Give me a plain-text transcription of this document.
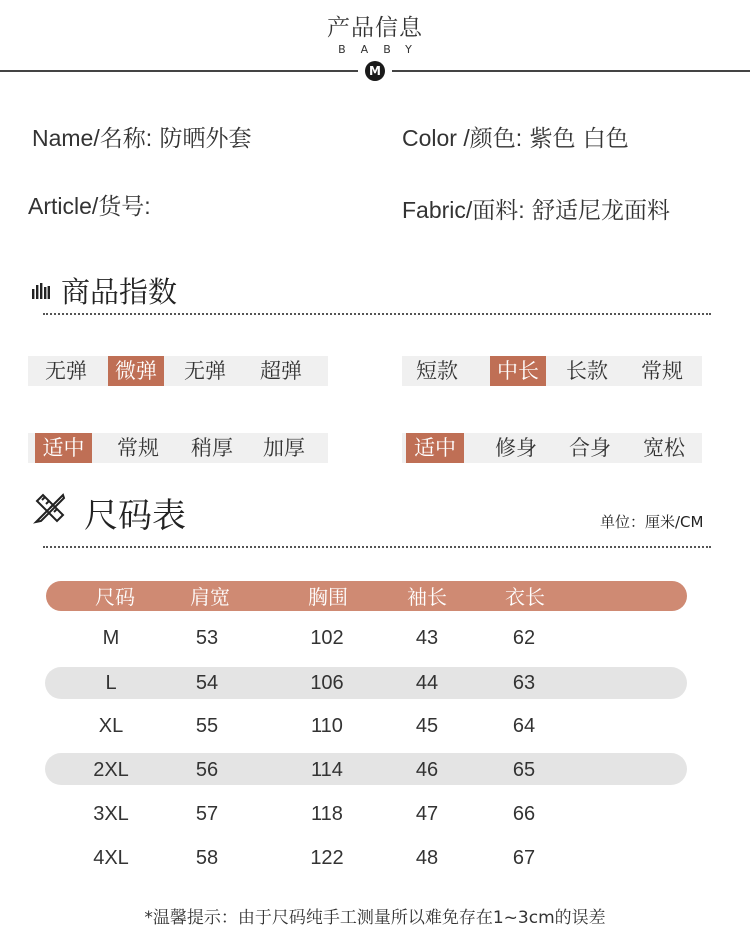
产品信息
BABY
M
Name/名称: 防晒外套	Color /颜色: 紫色 白色
Article/货号:	Fabric/面料: 舒适尼龙面料
商品指数
无弹	微弹	无弹	超弹	短款	中长	长款	常规
适中	常规	稍厚	加厚	适中	修身	合身	宽松
尺码表	单位：厘米/CM
尺码	肩宽	胸围	袖长	衣长
M	53	102	43	62
L	54	106	44	63
XL	55	110	45	64
2XL	56	114	46	65
3XL	57	118	47	66
4XL	58	122	48	67
*温馨提示：由于尺码纯手工测量所以难免存在1~3cm的误差
